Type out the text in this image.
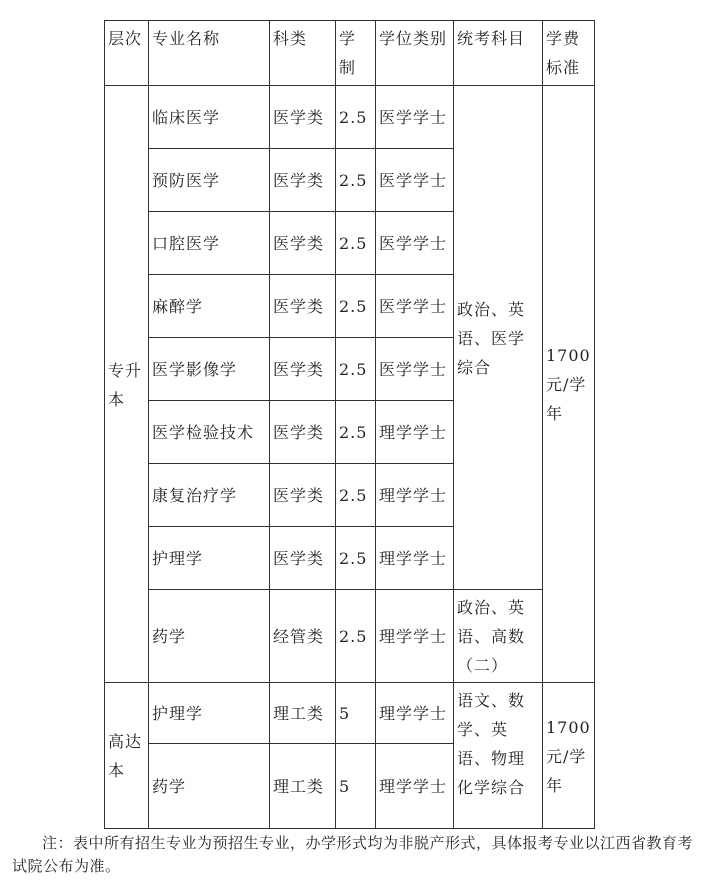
层次	专业名称	科类	学制	学位类别	统考科目	学费标准
专升本	临床医学	医学类	2.5	医学学士	政治、英语、医学综合	1700元/学年
	预防医学	医学类	2.5	医学学士		
	口腔医学	医学类	2.5	医学学士		
	麻醉学	医学类	2.5	医学学士		
	医学影像学	医学类	2.5	医学学士		
	医学检验技术	医学类	2.5	理学学士		
	康复治疗学	医学类	2.5	理学学士		
	护理学	医学类	2.5	理学学士		
	药学	经管类	2.5	理学学士	政治、英语、高数（二）	
高达本	护理学	理工类	5	理学学士	语文、数学、英语、物理化学综合	1700元/学年
	药学	理工类	5	理学学士		
注：表中所有招生专业为预招生专业，办学形式均为非脱产形式，具体报考专业以江西省教育考试院公布为准。
